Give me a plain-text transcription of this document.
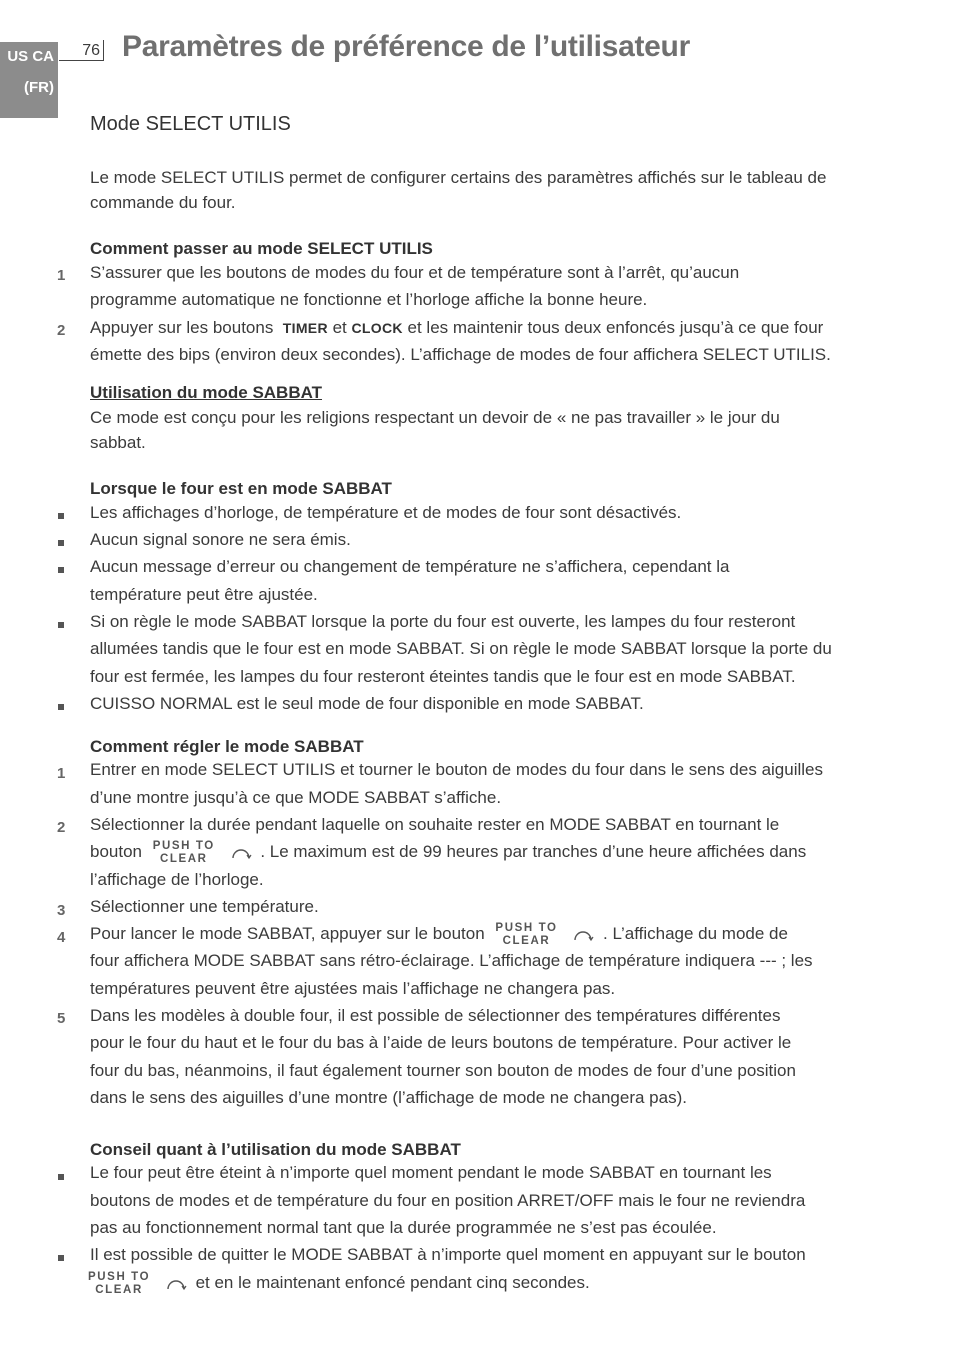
US CA
(FR)
76 Paramètres de préférence de l’utilisateur
Mode SELECT UTILIS
Le mode SELECT UTILIS permet de configurer certains des paramètres affichés sur le tableau de
commande du four.
Comment passer au mode SELECT UTILIS
1 S’assurer que les boutons de modes du four et de température sont à l’arrêt, qu’aucun
programme automatique ne fonctionne et l’horloge affiche la bonne heure.
2 Appuyer sur les boutons TIMER et CLOCK et les maintenir tous deux enfoncés jusqu’à ce que four
émette des bips (environ deux secondes). L’affichage de modes de four affichera SELECT UTILIS.
Utilisation du mode SABBAT
Ce mode est conçu pour les religions respectant un devoir de « ne pas travailler » le jour du
sabbat.
Lorsque le four est en mode SABBAT
Les affichages d’horloge, de température et de modes de four sont désactivés.
Aucun signal sonore ne sera émis.
Aucun message d’erreur ou changement de température ne s’affichera, cependant la
température peut être ajustée.
Si on règle le mode SABBAT lorsque la porte du four est ouverte, les lampes du four resteront
allumées tandis que le four est en mode SABBAT. Si on règle le mode SABBAT lorsque la porte du
four est fermée, les lampes du four resteront éteintes tandis que le four est en mode SABBAT.
CUISSO NORMAL est le seul mode de four disponible en mode SABBAT.
Comment régler le mode SABBAT
1 Entrer en mode SELECT UTILIS et tourner le bouton de modes du four dans le sens des aiguilles
d’une montre jusqu’à ce que MODE SABBAT s’affiche.
2 Sélectionner la durée pendant laquelle on souhaite rester en MODE SABBAT en tournant le
bouton PUSH TO
CLEAR	. Le maximum est de 99 heures par tranches d’une heure affichées dans
l’affichage de l’horloge.
3 Sélectionner une température.
4 Pour lancer le mode SABBAT, appuyer sur le bouton PUSH TO
CLEAR	. L’affichage du mode de
four affichera MODE SABBAT sans rétro-éclairage. L’affichage de température indiquera --- ; les
températures peuvent être ajustées mais l’affichage ne changera pas.
5 Dans les modèles à double four, il est possible de sélectionner des températures différentes
pour le four du haut et le four du bas à l’aide de leurs boutons de température. Pour activer le
four du bas, néanmoins, il faut également tourner son bouton de modes de four d’une position
dans le sens des aiguilles d’une montre (l’affichage de mode ne changera pas).
Conseil quant à l’utilisation du mode SABBAT
Le four peut être éteint à n’importe quel moment pendant le mode SABBAT en tournant les
boutons de modes et de température du four en position ARRET/OFF mais le four ne reviendra
pas au fonctionnement normal tant que la durée programmée ne s’est pas écoulée.
Il est possible de quitter le MODE SABBAT à n’importe quel moment en appuyant sur le bouton
PUSH TO
CLEAR	et en le maintenant enfoncé pendant cinq secondes.
